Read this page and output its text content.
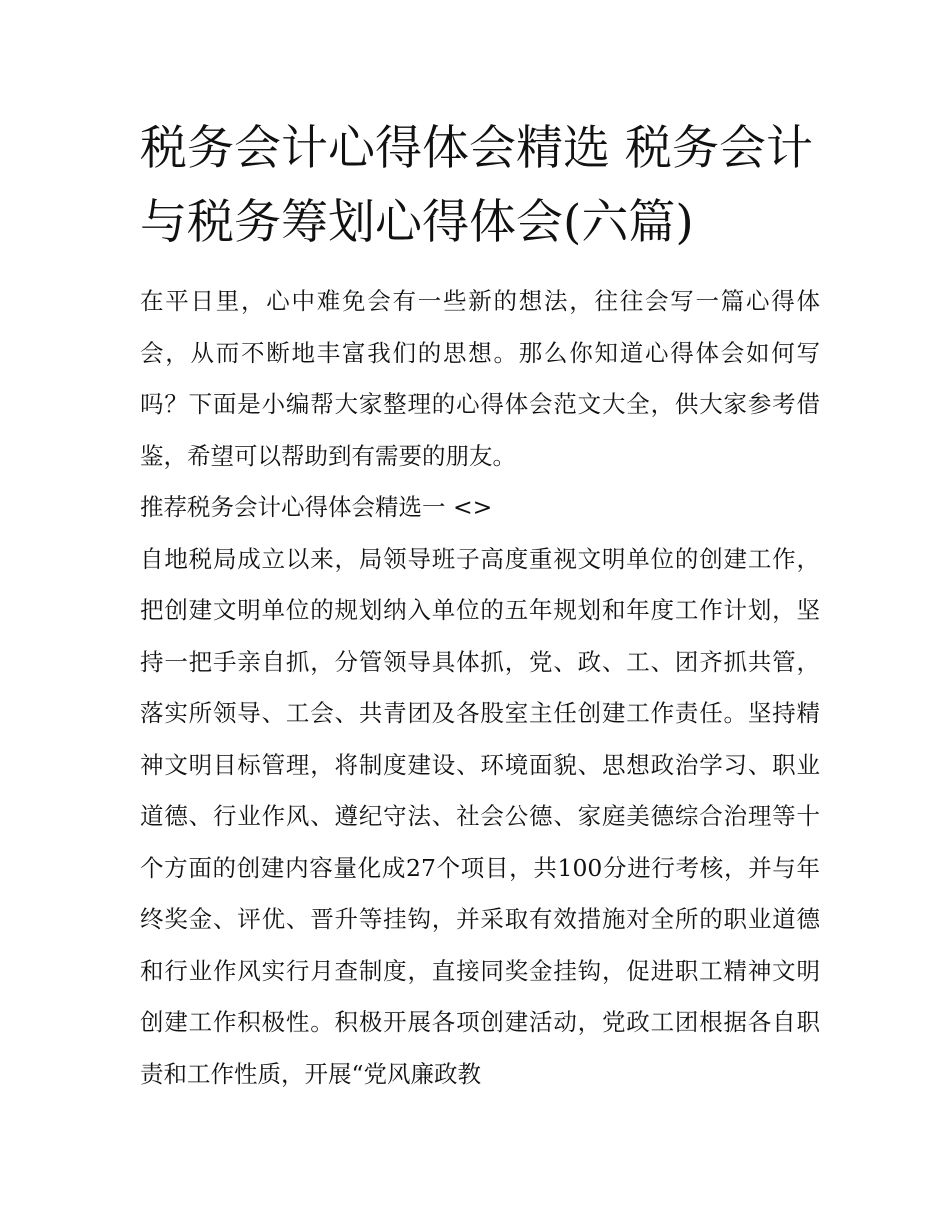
税务会计心得体会精选 税务会计与税务筹划心得体会(六篇)

在平日里，心中难免会有一些新的想法，往往会写一篇心得体会，从而不断地丰富我们的思想。那么你知道心得体会如何写吗？下面是小编帮大家整理的心得体会范文大全，供大家参考借鉴，希望可以帮助到有需要的朋友。

推荐税务会计心得体会精选一 <>

自地税局成立以来，局领导班子高度重视文明单位的创建工作，把创建文明单位的规划纳入单位的五年规划和年度工作计划，坚持一把手亲自抓，分管领导具体抓，党、政、工、团齐抓共管，落实所领导、工会、共青团及各股室主任创建工作责任。坚持精神文明目标管理，将制度建设、环境面貌、思想政治学习、职业道德、行业作风、遵纪守法、社会公德、家庭美德综合治理等十个方面的创建内容量化成27个项目，共100分进行考核，并与年终奖金、评优、晋升等挂钩，并采取有效措施对全所的职业道德和行业作风实行月查制度，直接同奖金挂钩，促进职工精神文明创建工作积极性。积极开展各项创建活动，党政工团根据各自职责和工作性质，开展“党风廉政教
